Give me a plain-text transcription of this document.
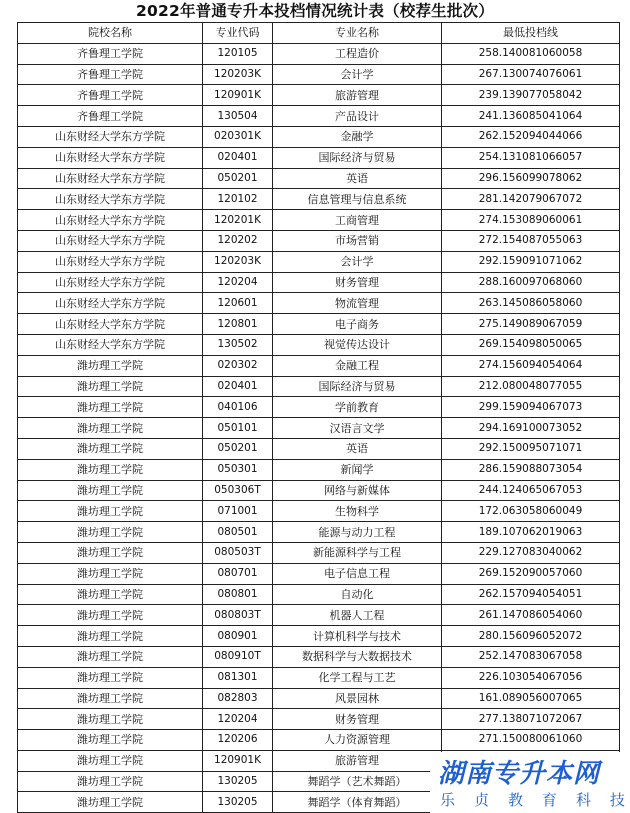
2022年普通专升本投档情况统计表（校荐生批次）
院校名称	专业代码	专业名称	最低投档线
齐鲁理工学院	120105	工程造价	258.140081060058
齐鲁理工学院	120203K	会计学	267.130074076061
齐鲁理工学院	120901K	旅游管理	239.139077058042
齐鲁理工学院	130504	产品设计	241.136085041064
山东财经大学东方学院	020301K	金融学	262.152094044066
山东财经大学东方学院	020401	国际经济与贸易	254.131081066057
山东财经大学东方学院	050201	英语	296.156099078062
山东财经大学东方学院	120102	信息管理与信息系统	281.142079067072
山东财经大学东方学院	120201K	工商管理	274.153089060061
山东财经大学东方学院	120202	市场营销	272.154087055063
山东财经大学东方学院	120203K	会计学	292.159091071062
山东财经大学东方学院	120204	财务管理	288.160097068060
山东财经大学东方学院	120601	物流管理	263.145086058060
山东财经大学东方学院	120801	电子商务	275.149089067059
山东财经大学东方学院	130502	视觉传达设计	269.154098050065
潍坊理工学院	020302	金融工程	274.156094054064
潍坊理工学院	020401	国际经济与贸易	212.080048077055
潍坊理工学院	040106	学前教育	299.159094067073
潍坊理工学院	050101	汉语言文学	294.169100073052
潍坊理工学院	050201	英语	292.150095071071
潍坊理工学院	050301	新闻学	286.159088073054
潍坊理工学院	050306T	网络与新媒体	244.124065067053
潍坊理工学院	071001	生物科学	172.063058060049
潍坊理工学院	080501	能源与动力工程	189.107062019063
潍坊理工学院	080503T	新能源科学与工程	229.127083040062
潍坊理工学院	080701	电子信息工程	269.152090057060
潍坊理工学院	080801	自动化	262.157094054051
潍坊理工学院	080803T	机器人工程	261.147086054060
潍坊理工学院	080901	计算机科学与技术	280.156096052072
潍坊理工学院	080910T	数据科学与大数据技术	252.147083067058
潍坊理工学院	081301	化学工程与工艺	226.103054067056
潍坊理工学院	082803	风景园林	161.089056007065
潍坊理工学院	120204	财务管理	277.138071072067
潍坊理工学院	120206	人力资源管理	271.150080061060
潍坊理工学院	120901K	旅游管理	
潍坊理工学院	130205	舞蹈学（艺术舞蹈）	
潍坊理工学院	130205	舞蹈学（体育舞蹈）	
湖南专升本网
乐 贞 教 育 科 技
